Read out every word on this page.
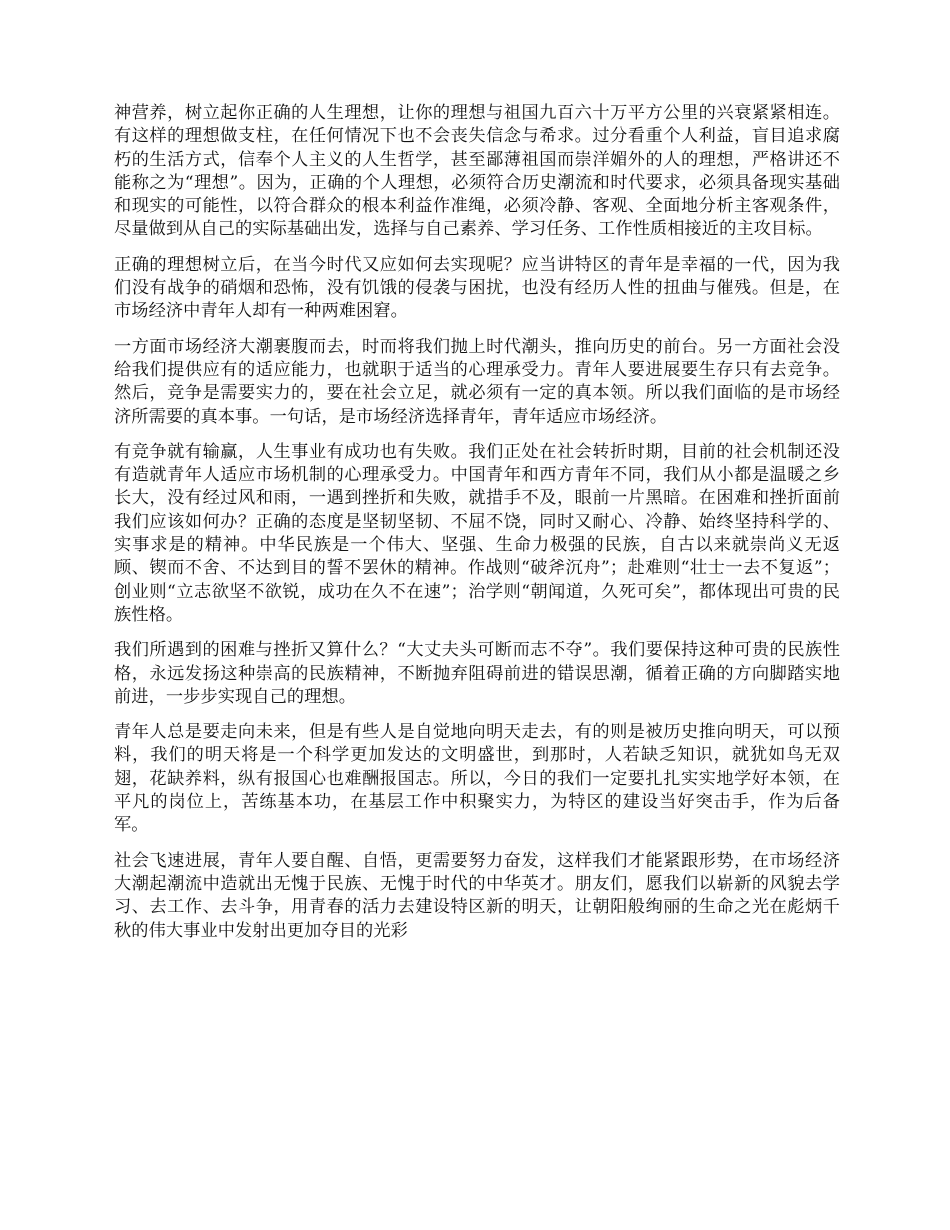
神营养，树立起你正确的人生理想，让你的理想与祖国九百六十万平方公里的兴衰紧紧相连。有这样的理想做支柱，在任何情况下也不会丧失信念与希求。过分看重个人利益，盲目追求腐朽的生活方式，信奉个人主义的人生哲学，甚至鄙薄祖国而崇洋媚外的人的理想，严格讲还不能称之为“理想”。因为，正确的个人理想，必须符合历史潮流和时代要求，必须具备现实基础和现实的可能性，以符合群众的根本利益作准绳，必须冷静、客观、全面地分析主客观条件，尽量做到从自己的实际基础出发，选择与自己素养、学习任务、工作性质相接近的主攻目标。

正确的理想树立后，在当今时代又应如何去实现呢？应当讲特区的青年是幸福的一代，因为我们没有战争的硝烟和恐怖，没有饥饿的侵袭与困扰，也没有经历人性的扭曲与催残。但是，在市场经济中青年人却有一种两难困窘。

一方面市场经济大潮裹腹而去，时而将我们抛上时代潮头，推向历史的前台。另一方面社会没给我们提供应有的适应能力，也就职于适当的心理承受力。青年人要进展要生存只有去竞争。然后，竞争是需要实力的，要在社会立足，就必须有一定的真本领。所以我们面临的是市场经济所需要的真本事。一句话，是市场经济选择青年，青年适应市场经济。

有竞争就有输赢，人生事业有成功也有失败。我们正处在社会转折时期，目前的社会机制还没有造就青年人适应市场机制的心理承受力。中国青年和西方青年不同，我们从小都是温暖之乡长大，没有经过风和雨，一遇到挫折和失败，就措手不及，眼前一片黑暗。在困难和挫折面前我们应该如何办？正确的态度是坚韧坚韧、不屈不饶，同时又耐心、冷静、始终坚持科学的、实事求是的精神。中华民族是一个伟大、坚强、生命力极强的民族，自古以来就崇尚义无返顾、锲而不舍、不达到目的誓不罢休的精神。作战则“破斧沉舟”；赴难则“壮士一去不复返”；创业则“立志欲坚不欲锐，成功在久不在速”；治学则“朝闻道，久死可矣”，都体现出可贵的民族性格。

我们所遇到的困难与挫折又算什么？“大丈夫头可断而志不夺”。我们要保持这种可贵的民族性格，永远发扬这种崇高的民族精神，不断抛弃阻碍前进的错误思潮，循着正确的方向脚踏实地前进，一步步实现自己的理想。

青年人总是要走向未来，但是有些人是自觉地向明天走去，有的则是被历史推向明天，可以预料，我们的明天将是一个科学更加发达的文明盛世，到那时，人若缺乏知识，就犹如鸟无双翅，花缺养料，纵有报国心也难酬报国志。所以，今日的我们一定要扎扎实实地学好本领，在平凡的岗位上，苦练基本功，在基层工作中积聚实力，为特区的建设当好突击手，作为后备军。

社会飞速进展，青年人要自醒、自悟，更需要努力奋发，这样我们才能紧跟形势，在市场经济大潮起潮流中造就出无愧于民族、无愧于时代的中华英才。朋友们，愿我们以崭新的风貌去学习、去工作、去斗争，用青春的活力去建设特区新的明天，让朝阳般绚丽的生命之光在彪炳千秋的伟大事业中发射出更加夺目的光彩
